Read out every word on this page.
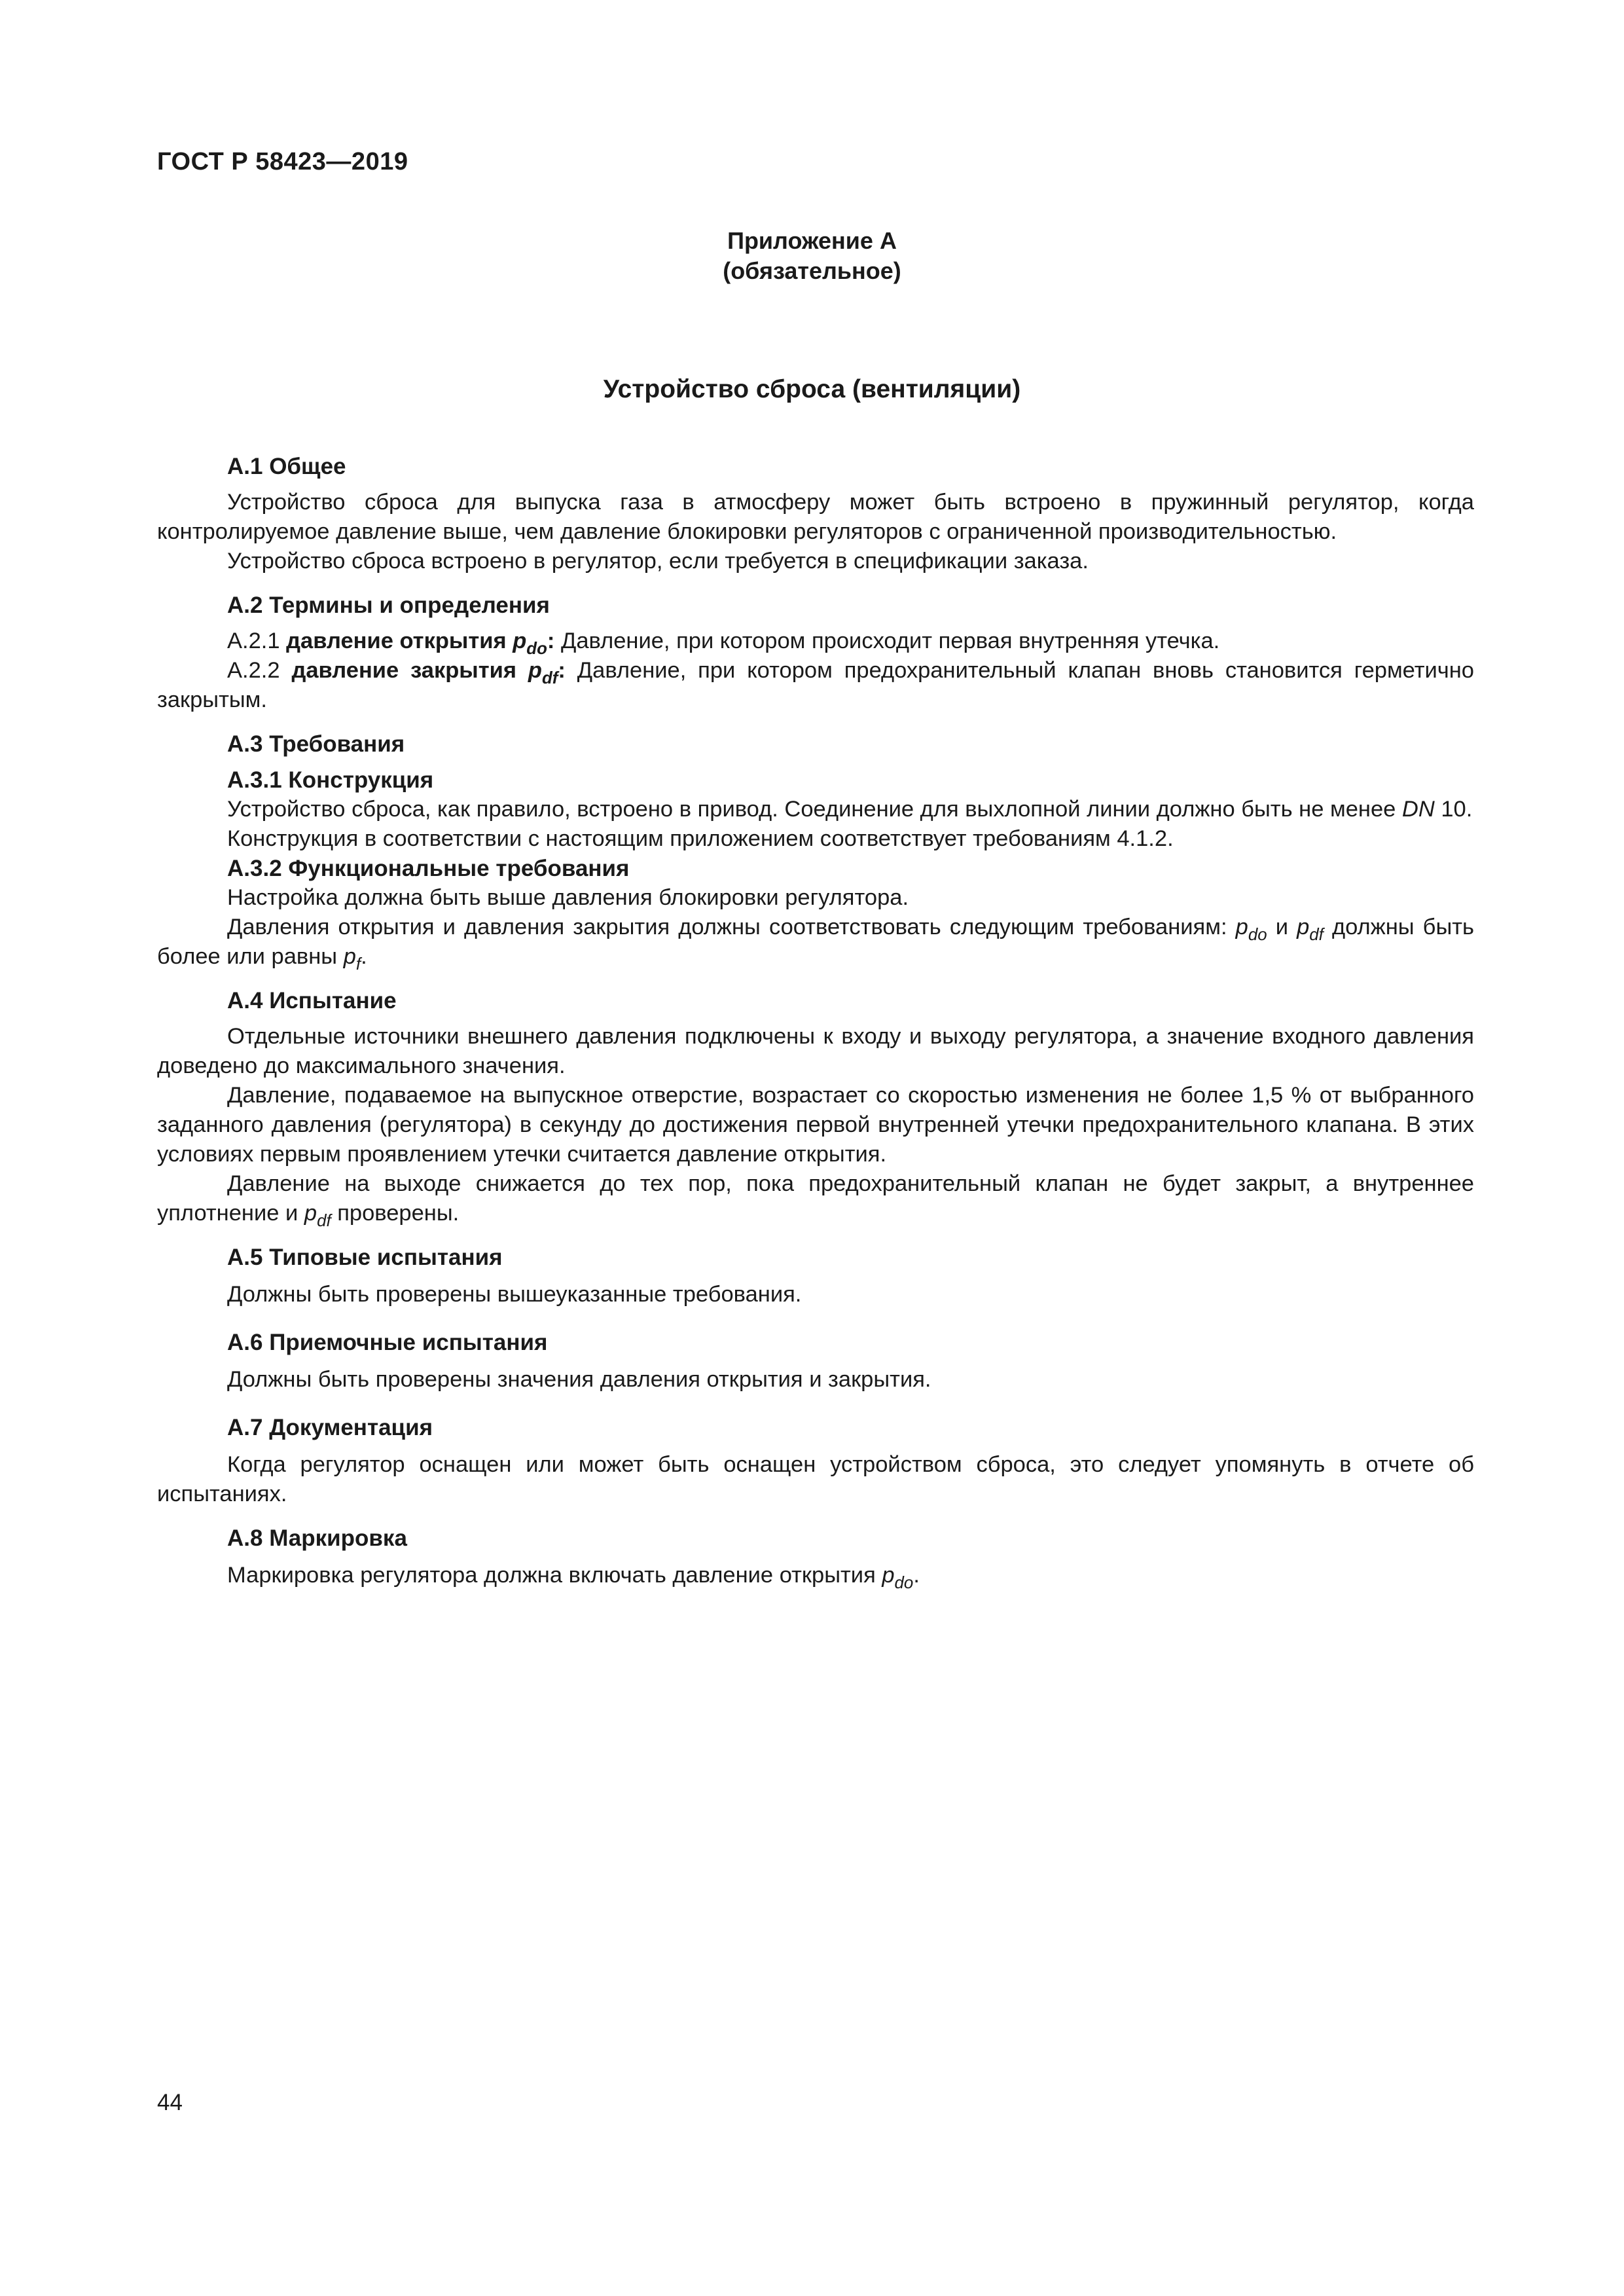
ГОСТ Р 58423—2019
Приложение А
(обязательное)
Устройство сброса (вентиляции)
А.1 Общее

Устройство сброса для выпуска газа в атмосферу может быть встроено в пружинный регулятор, когда контролируемое давление выше, чем давление блокировки регуляторов с ограниченной производительностью.

Устройство сброса встроено в регулятор, если требуется в спецификации заказа.

А.2 Термины и определения

А.2.1 давление открытия $p_{do}$: Давление, при котором происходит первая внутренняя утечка.

А.2.2 давление закрытия $p_{df}$: Давление, при котором предохранительный клапан вновь становится герметично закрытым.

А.3 Требования
А.3.1 Конструкция

Устройство сброса, как правило, встроено в привод. Соединение для выхлопной линии должно быть не менее DN 10.

Конструкция в соответствии с настоящим приложением соответствует требованиям 4.1.2.

А.3.2 Функциональные требования

Настройка должна быть выше давления блокировки регулятора.

Давления открытия и давления закрытия должны соответствовать следующим требованиям: $p_{do}$ и $p_{df}$ должны быть более или равны $p_f$.

А.4 Испытание

Отдельные источники внешнего давления подключены к входу и выходу регулятора, а значение входного давления доведено до максимального значения.

Давление, подаваемое на выпускное отверстие, возрастает со скоростью изменения не более 1,5 % от выбранного заданного давления (регулятора) в секунду до достижения первой внутренней утечки предохранительного клапана. В этих условиях первым проявлением утечки считается давление открытия.

Давление на выходе снижается до тех пор, пока предохранительный клапан не будет закрыт, а внутреннее уплотнение и $p_{df}$ проверены.

А.5 Типовые испытания

Должны быть проверены вышеуказанные требования.

А.6 Приемочные испытания

Должны быть проверены значения давления открытия и закрытия.

А.7 Документация

Когда регулятор оснащен или может быть оснащен устройством сброса, это следует упомянуть в отчете об испытаниях.

А.8 Маркировка

Маркировка регулятора должна включать давление открытия $p_{do}$.

44
